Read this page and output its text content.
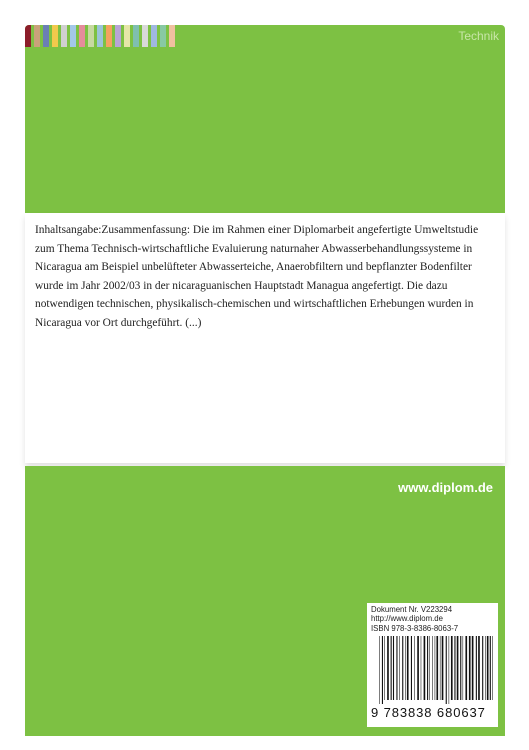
Technik

Inhaltsangabe:Zusammenfassung: Die im Rahmen einer Diplomarbeit angefertigte Umweltstudie zum Thema Technisch-wirtschaftliche Evaluierung naturnaher Abwasserbehandlungssysteme in Nicaragua am Beispiel unbelüfteter Abwasserteiche, Anaerobfiltern und bepflanzter Bodenfilter wurde im Jahr 2002/03 in der nicaraguanischen Hauptstadt Managua angefertigt. Die dazu notwendigen technischen, physikalisch-chemischen und wirtschaftlichen Erhebungen wurden in Nicaragua vor Ort durchgeführt. (...)

www.diplom.de
Dokument Nr. V223294
http://www.diplom.de
ISBN 978-3-8386-8063-7
9 783838 680637
